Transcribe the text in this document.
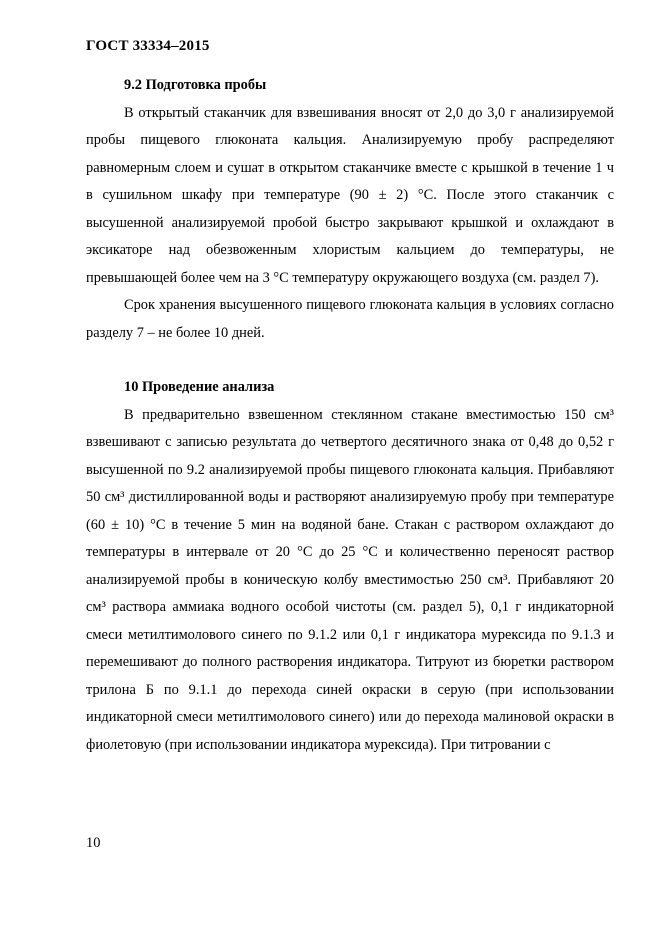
ГОСТ 33334–2015
9.2 Подготовка пробы

В открытый стаканчик для взвешивания вносят от 2,0 до 3,0 г анализируемой пробы пищевого глюконата кальция. Анализируемую пробу распределяют равномерным слоем и сушат в открытом стаканчике вместе с крышкой в течение 1 ч в сушильном шкафу при температуре (90 ± 2) °С. После этого стаканчик с высушенной анализируемой пробой быстро закрывают крышкой и охлаждают в эксикаторе над обезвоженным хлористым кальцием до температуры, не превышающей более чем на 3 °С температуру окружающего воздуха (см. раздел 7).

Срок хранения высушенного пищевого глюконата кальция в условиях согласно разделу 7 – не более 10 дней.

10 Проведение анализа

В предварительно взвешенном стеклянном стакане вместимостью 150 см³ взвешивают с записью результата до четвертого десятичного знака от 0,48 до 0,52 г высушенной по 9.2 анализируемой пробы пищевого глюконата кальция. Прибавляют 50 см³ дистиллированной воды и растворяют анализируемую пробу при температуре (60 ± 10) °С в течение 5 мин на водяной бане. Стакан с раствором охлаждают до температуры в интервале от 20 °С до 25 °С и количественно переносят раствор анализируемой пробы в коническую колбу вместимостью 250 см³. Прибавляют 20 см³ раствора аммиака водного особой чистоты (см. раздел 5), 0,1 г индикаторной смеси метилтимолового синего по 9.1.2 или 0,1 г индикатора мурексида по 9.1.3 и перемешивают до полного растворения индикатора. Титруют из бюретки раствором трилона Б по 9.1.1 до перехода синей окраски в серую (при использовании индикаторной смеси метилтимолового синего) или до перехода малиновой окраски в фиолетовую (при использовании индикатора мурексида). При титровании с

10
